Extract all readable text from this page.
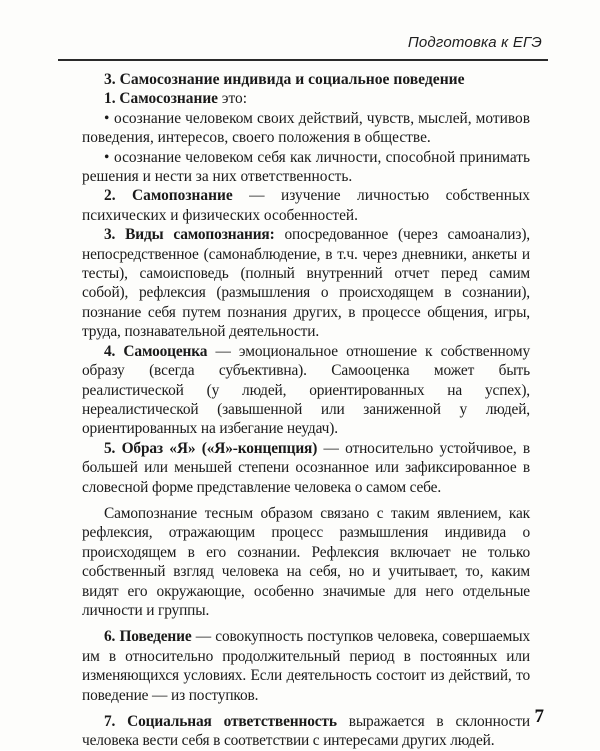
Подготовка к ЕГЭ
3. Самосознание индивида и социальное поведение

1. Самосознание это:

• осознание человеком своих действий, чувств, мыслей, мотивов поведения, интересов, своего положения в обществе.

• осознание человеком себя как личности, способной принимать решения и нести за них ответственность.

2. Самопознание — изучение личностью собственных психических и физических особенностей.

3. Виды самопознания: опосредованное (через самоанализ), непосредственное (самонаблюдение, в т.ч. через дневники, анкеты и тесты), самоисповедь (полный внутренний отчет перед самим собой), рефлексия (размышления о происходящем в сознании), познание себя путем познания других, в процессе общения, игры, труда, познавательной деятельности.

4. Самооценка — эмоциональное отношение к собственному образу (всегда субъективна). Самооценка может быть реалистической (у людей, ориентированных на успех), нереалистической (завышенной или заниженной у людей, ориентированных на избегание неудач).

5. Образ «Я» («Я»-концепция) — относительно устойчивое, в большей или меньшей степени осознанное или зафиксированное в словесной форме представление человека о самом себе.

Самопознание тесным образом связано с таким явлением, как рефлексия, отражающим процесс размышления индивида о происходящем в его сознании. Рефлексия включает не только собственный взгляд человека на себя, но и учитывает, то, каким видят его окружающие, особенно значимые для него отдельные личности и группы.

6. Поведение — совокупность поступков человека, совершаемых им в относительно продолжительный период в постоянных или изменяющихся условиях. Если деятельность состоит из действий, то поведение — из поступков.

7. Социальная ответственность выражается в склонности человека вести себя в соответствии с интересами других людей.

7
